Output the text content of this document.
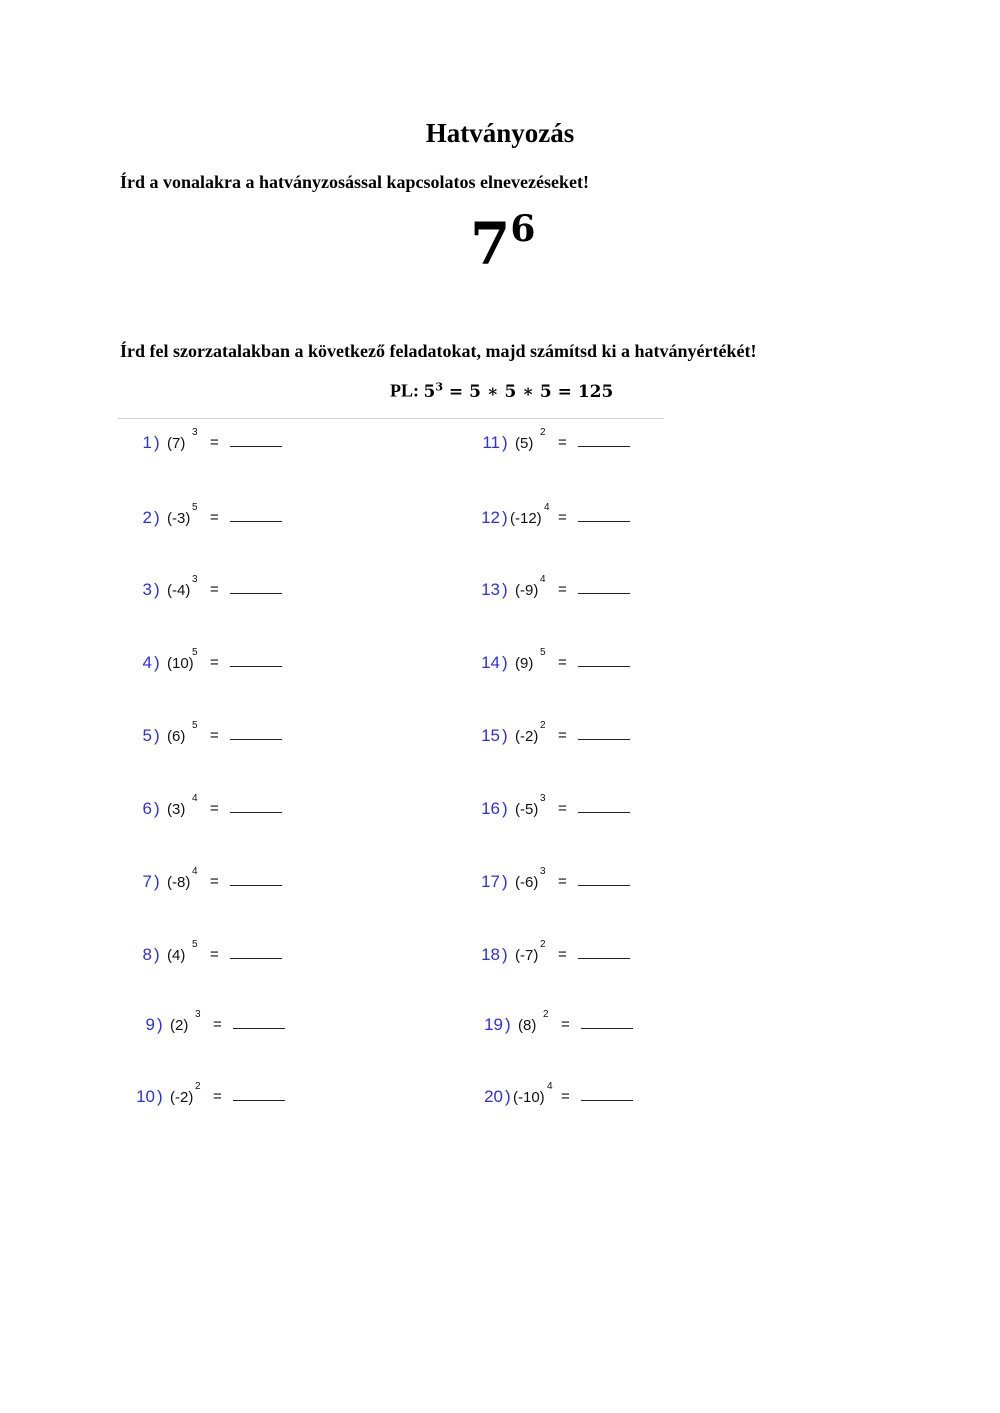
Hatványozás
Írd a vonalakra a hatványzosással kapcsolatos elnevezéseket!
$7^6$
Írd fel szorzatalakban a következő feladatokat, majd számítsd ki a hatványértékét!
PL: $5^3 = 5$ ∗ 5 ∗ 5 = 125
1 ) (7)
3
=
2 ) (-3)
5
=
3 ) (-4)
3
=
4 ) (10)
5
=
5 ) (6)
5
=
6 ) (3)
4
=
7 ) (-8)
4
=
8 ) (4)
5
=
9 ) (2)
3
=
10 ) (-2)
2
=
11 ) (5)
2
=
12 ) (-12)
4
=
13 ) (-9)
4
=
14 ) (9)
5
=
15 ) (-2)
2
=
16 ) (-5)
3
=
17 ) (-6)
3
=
18 ) (-7)
2
=
19 ) (8)
2
=
20 ) (-10)
4
=
